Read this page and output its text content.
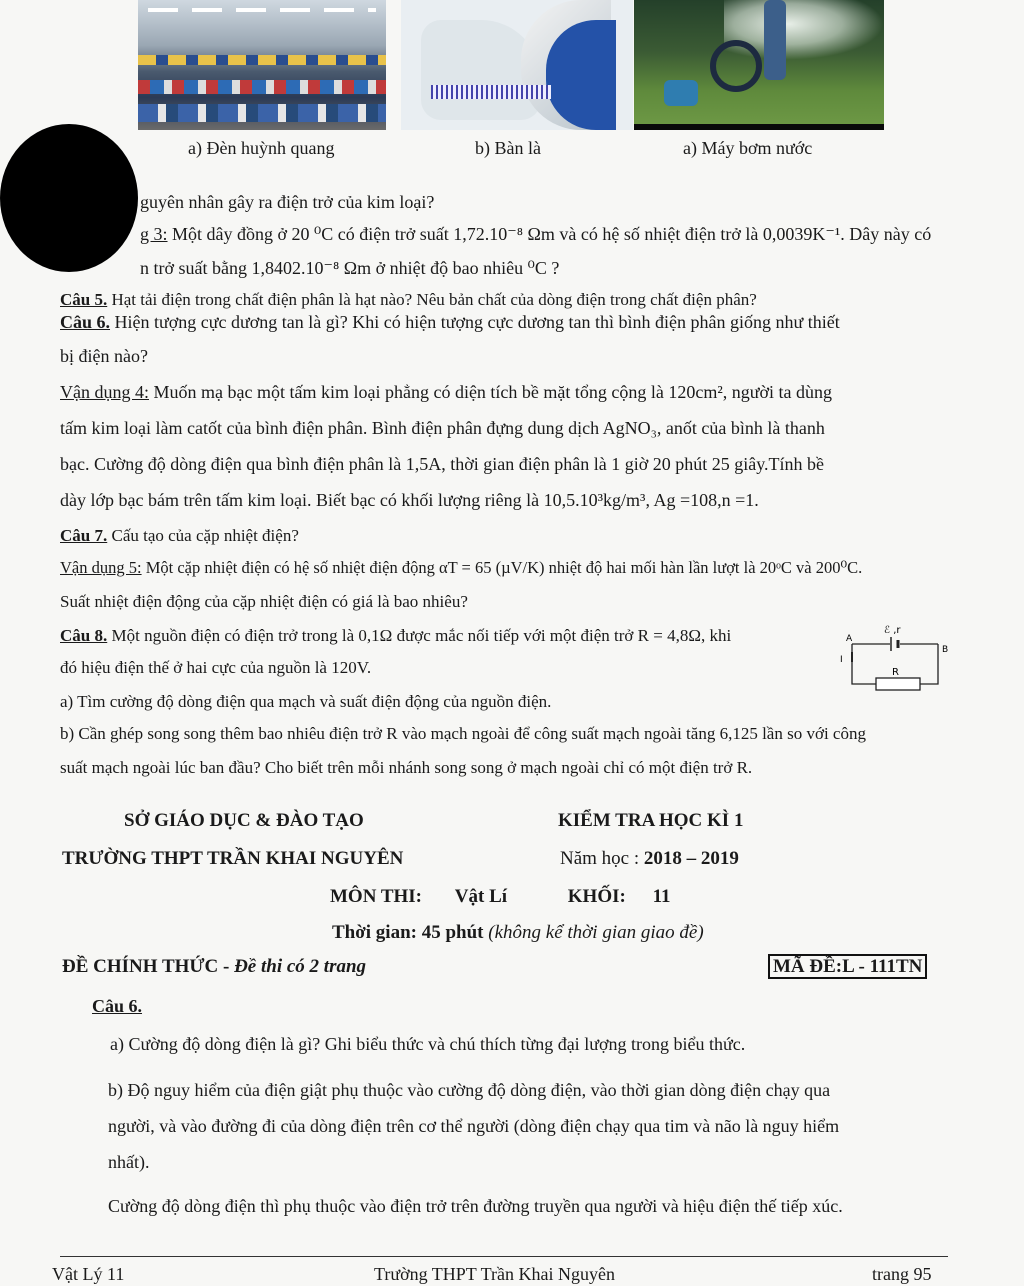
a) Đèn huỳnh quang	b) Bàn là	a) Máy bơm nước
guyên nhân gây ra điện trở của kim loại?
g 3: Một dây đồng ở 20 ⁰C có điện trở suất 1,72.10⁻⁸ Ωm và có hệ số nhiệt điện trở là 0,0039K⁻¹. Dây này có
n trở suất bằng 1,8402.10⁻⁸ Ωm ở nhiệt độ bao nhiêu ⁰C ?
Câu 5. Hạt tải điện trong chất điện phân là hạt nào? Nêu bản chất của dòng điện trong chất điện phân?
Câu 6. Hiện tượng cực dương tan là gì? Khi có hiện tượng cực dương tan thì bình điện phân giống như thiết
bị điện nào?
Vận dụng 4: Muốn mạ bạc một tấm kim loại phẳng có diện tích bề mặt tổng cộng là 120cm², người ta dùng
tấm kim loại làm catốt của bình điện phân. Bình điện phân đựng dung dịch AgNO₃, anốt của bình là thanh
bạc. Cường độ dòng điện qua bình điện phân là 1,5A, thời gian điện phân là 1 giờ 20 phút 25 giây.Tính bề
dày lớp bạc bám trên tấm kim loại. Biết bạc có khối lượng riêng là 10,5.10³kg/m³, Ag =108,n =1.
Câu 7. Cấu tạo của cặp nhiệt điện?
Vận dụng 5: Một cặp nhiệt điện có hệ số nhiệt điện động αT = 65 (µV/K) nhiệt độ hai mối hàn lần lượt là 20ᵒC và 200⁰C.
Suất nhiệt điện động của cặp nhiệt điện có giá là bao nhiêu?
Câu 8. Một nguồn điện có điện trở trong là 0,1Ω được mắc nối tiếp với một điện trở R = 4,8Ω, khi
đó hiệu điện thế ở hai cực của nguồn là 120V.
a) Tìm cường độ dòng điện qua mạch và suất điện động của nguồn điện.
b) Cần ghép song song thêm bao nhiêu điện trở R vào mạch ngoài để công suất mạch ngoài tăng 6,125 lần so với công
suất mạch ngoài lúc ban đầu? Cho biết trên mỗi nhánh song song ở mạch ngoài chỉ có một điện trở R.
ℰ ,r
A
B
I
R
SỞ GIÁO DỤC & ĐÀO TẠO	KIỂM TRA HỌC KÌ 1
TRƯỜNG THPT TRẦN KHAI NGUYÊN	Năm học : 2018 – 2019
MÔN THI: Vật Lí	KHỐI: 11
Thời gian: 45 phút (không kể thời gian giao đề)
ĐỀ CHÍNH THỨC - Đề thi có 2 trang	MÃ ĐỀ:L - 111TN
Câu 6.
a) Cường độ dòng điện là gì? Ghi biểu thức và chú thích từng đại lượng trong biểu thức.
b) Độ nguy hiểm của điện giật phụ thuộc vào cường độ dòng điện, vào thời gian dòng điện chạy qua
người, và vào đường đi của dòng điện trên cơ thể người (dòng điện chạy qua tim và não là nguy hiểm
nhất).
Cường độ dòng điện thì phụ thuộc vào điện trở trên đường truyền qua người và hiệu điện thế tiếp xúc.
Vật Lý 11	Trường THPT Trần Khai Nguyên	trang 95
